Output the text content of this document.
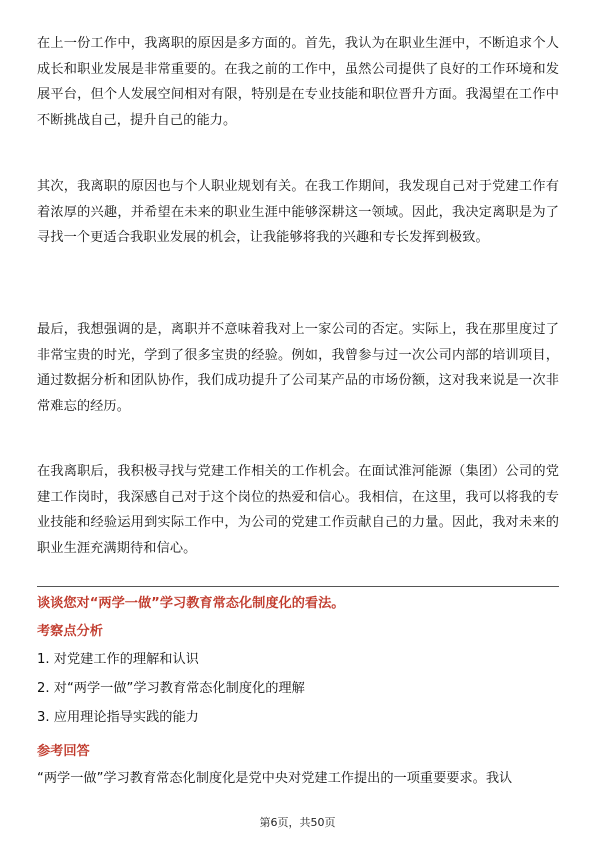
在上一份工作中，我离职的原因是多方面的。首先，我认为在职业生涯中，不断追求个人成长和职业发展是非常重要的。在我之前的工作中，虽然公司提供了良好的工作环境和发展平台，但个人发展空间相对有限，特别是在专业技能和职位晋升方面。我渴望在工作中不断挑战自己，提升自己的能力。

其次，我离职的原因也与个人职业规划有关。在我工作期间，我发现自己对于党建工作有着浓厚的兴趣，并希望在未来的职业生涯中能够深耕这一领域。因此，我决定离职是为了寻找一个更适合我职业发展的机会，让我能够将我的兴趣和专长发挥到极致。

最后，我想强调的是，离职并不意味着我对上一家公司的否定。实际上，我在那里度过了非常宝贵的时光，学到了很多宝贵的经验。例如，我曾参与过一次公司内部的培训项目，通过数据分析和团队协作，我们成功提升了公司某产品的市场份额，这对我来说是一次非常难忘的经历。

在我离职后，我积极寻找与党建工作相关的工作机会。在面试淮河能源（集团）公司的党建工作岗时，我深感自己对于这个岗位的热爱和信心。我相信，在这里，我可以将我的专业技能和经验运用到实际工作中，为公司的党建工作贡献自己的力量。因此，我对未来的职业生涯充满期待和信心。

谈谈您对“两学一做”学习教育常态化制度化的看法。

考察点分析

1. 对党建工作的理解和认识

2. 对“两学一做”学习教育常态化制度化的理解

3. 应用理论指导实践的能力

参考回答

“两学一做”学习教育常态化制度化是党中央对党建工作提出的一项重要要求。我认

第6页，共50页
